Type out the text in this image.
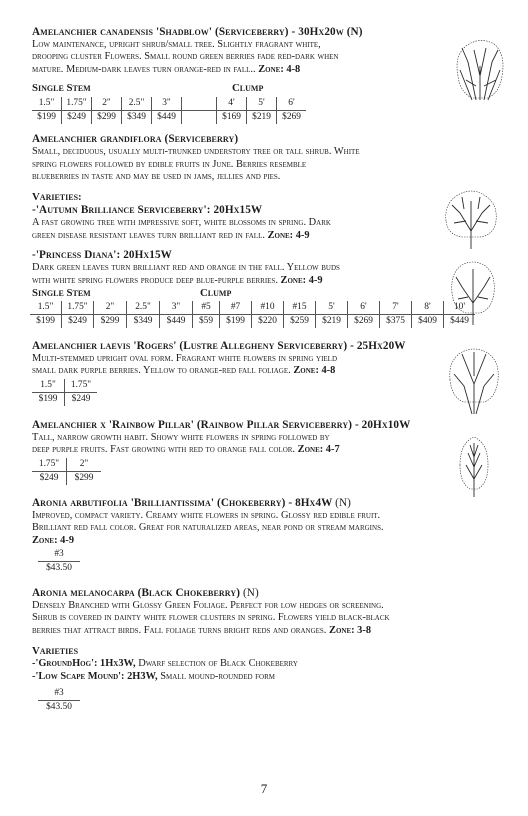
Amelanchier canadensis 'Shadblow' (Serviceberry) - 30Hx20w (N)
Low maintenance, upright shrub/small tree. Slightly fragrant white,
drooping cluster Flowers. Small round green berries fade red-dark when
mature. Medium-dark leaves turn orange-red in fall.. Zone: 4-8
Single Stem	Clump
1.5"	1.75"	2"	2.5"	3"		4'	5'	6'
$199	$249	$299	$349	$449		$169	$219	$269
Amelanchier grandiflora (Serviceberry)
Small, deciduous, usually multi-trunked understory tree or tall shrub. White
spring flowers followed by edible fruits in June. Berries resemble
blueberries in taste and may be used in jams, jellies and pies.
Varieties:
-'Autumn Brilliance Serviceberry': 20Hx15W
A fast growing tree with impressive soft, white blossoms in spring. Dark
green disease resistant leaves turn brilliant red in fall. Zone: 4-9
-'Princess Diana': 20Hx15W
Dark green leaves turn brilliant red and orange in the fall. Yellow buds
with white spring flowers produce deep blue-purple berries. Zone: 4-9
Single Stem	Clump
1.5"	1.75"	2"	2.5"	3"	#5	#7	#10	#15	5'	6'	7'	8'	10'
$199	$249	$299	$349	$449	$59	$199	$220	$259	$219	$269	$375	$409	$449
Amelanchier laevis 'Rogers' (Lustre Allegheny Serviceberry) - 25Hx20W
Multi-stemmed upright oval form. Fragrant white flowers in spring yield
small dark purple berries. Yellow to orange-red fall foliage. Zone: 4-8
1.5"	1.75"
$199	$249
Amelanchier x 'Rainbow Pillar' (Rainbow Pillar Serviceberry) - 20Hx10W
Tall, narrow growth habit. Showy white flowers in spring followed by
deep purple fruits. Fast growing with red to orange fall color. Zone: 4-7
1.75"	2"
$249	$299
Aronia arbutifolia 'Brilliantissima' (Chokeberry) - 8Hx4W (N)
Improved, compact variety. Creamy white flowers in spring. Glossy red edible fruit.
Brilliant red fall color. Great for naturalized areas, near pond or stream margins.
Zone: 4-9
#3
$43.50
Aronia melanocarpa (Black Chokeberry) (N)
Densely Branched with Glossy Green Foliage. Perfect for low hedges or screening.
Shrub is covered in dainty white flower clusters in spring. Flowers yield black-black
berries that attract birds. Fall foliage turns bright reds and oranges. Zone: 3-8
Varieties
-'GroundHog': 1Hx3W, Dwarf selection of Black Chokeberry
-'Low Scape Mound': 2H3W, Small mound-rounded form
#3
$43.50
7
